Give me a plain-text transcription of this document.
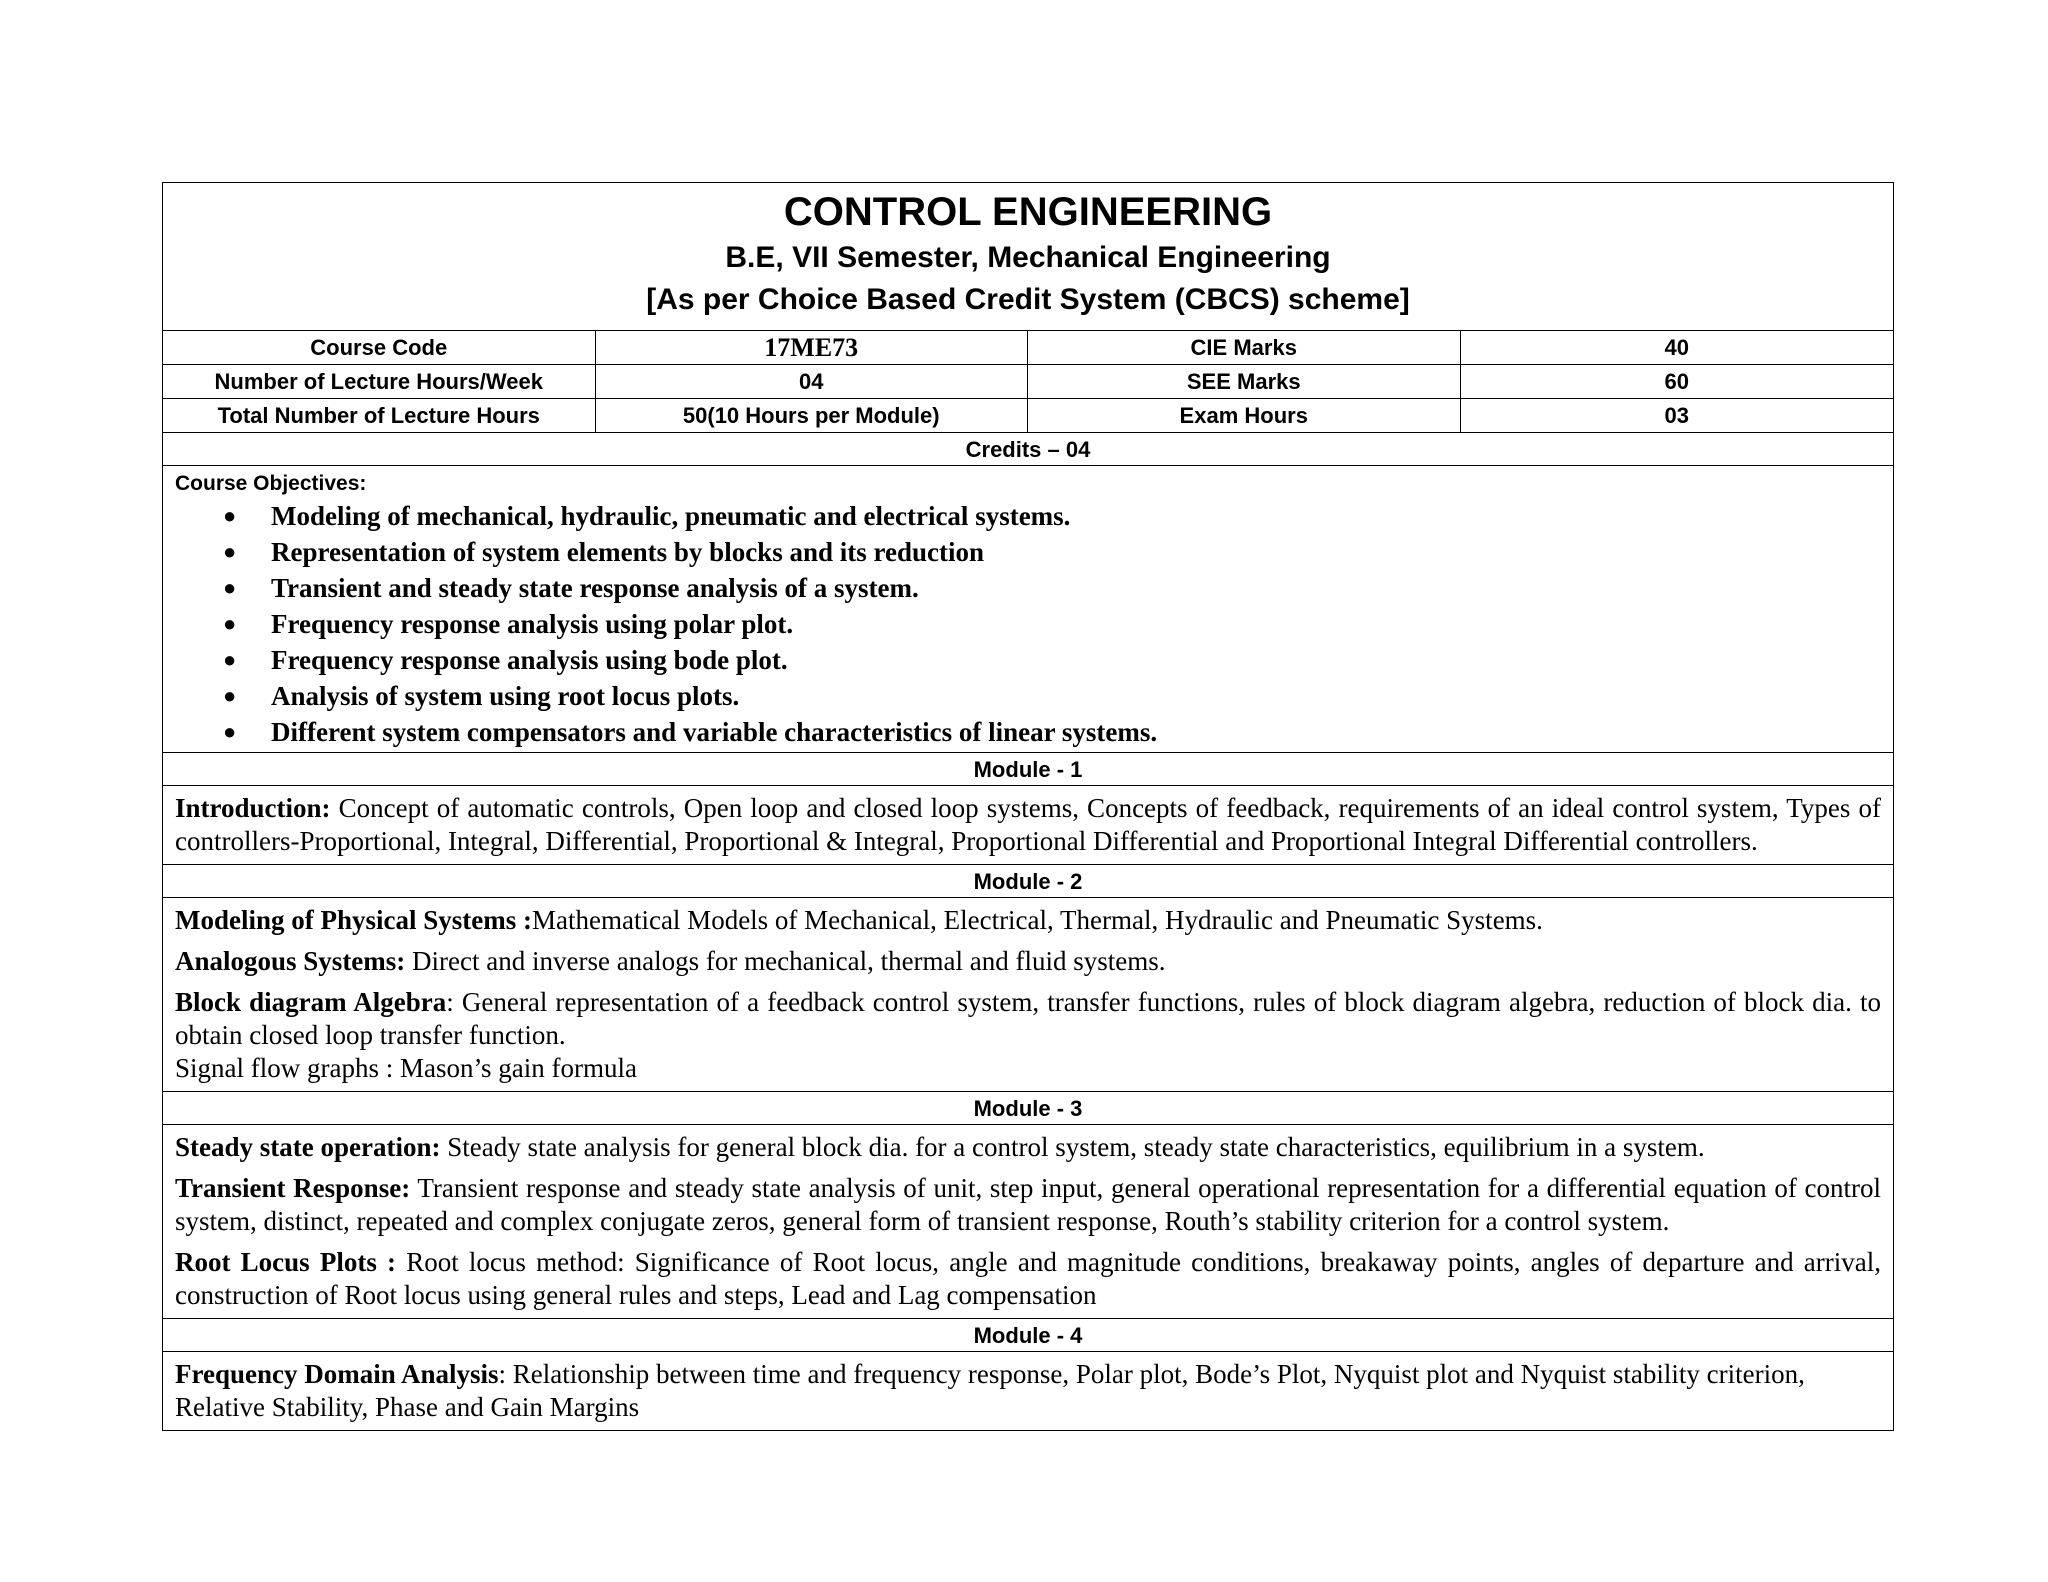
CONTROL ENGINEERING
B.E, VII Semester, Mechanical Engineering
[As per Choice Based Credit System (CBCS) scheme]
Course Code	17ME73	CIE Marks	40
Number of Lecture Hours/Week	04	SEE Marks	60
Total Number of Lecture Hours	50(10 Hours per Module)	Exam Hours	03
Credits – 04
Course Objectives:
● Modeling of mechanical, hydraulic, pneumatic and electrical systems.
● Representation of system elements by blocks and its reduction
● Transient and steady state response analysis of a system.
● Frequency response analysis using polar plot.
● Frequency response analysis using bode plot.
● Analysis of system using root locus plots.
● Different system compensators and variable characteristics of linear systems.
Module - 1

Introduction: Concept of automatic controls, Open loop and closed loop systems, Concepts of feedback, requirements of an ideal control system, Types of controllers-Proportional, Integral, Differential, Proportional & Integral, Proportional Differential and Proportional Integral Differential controllers.

Module - 2

Modeling of Physical Systems :Mathematical Models of Mechanical, Electrical, Thermal, Hydraulic and Pneumatic Systems.

Analogous Systems: Direct and inverse analogs for mechanical, thermal and fluid systems.

Block diagram Algebra: General representation of a feedback control system, transfer functions, rules of block diagram algebra, reduction of block dia. to obtain closed loop transfer function.

Signal flow graphs : Mason’s gain formula

Module - 3

Steady state operation: Steady state analysis for general block dia. for a control system, steady state characteristics, equilibrium in a system.

Transient Response: Transient response and steady state analysis of unit, step input, general operational representation for a differential equation of control system, distinct, repeated and complex conjugate zeros, general form of transient response, Routh’s stability criterion for a control system.

Root Locus Plots : Root locus method: Significance of Root locus, angle and magnitude conditions, breakaway points, angles of departure and arrival, construction of Root locus using general rules and steps, Lead and Lag compensation

Module - 4

Frequency Domain Analysis: Relationship between time and frequency response, Polar plot, Bode’s Plot, Nyquist plot and Nyquist stability criterion, Relative Stability, Phase and Gain Margins
